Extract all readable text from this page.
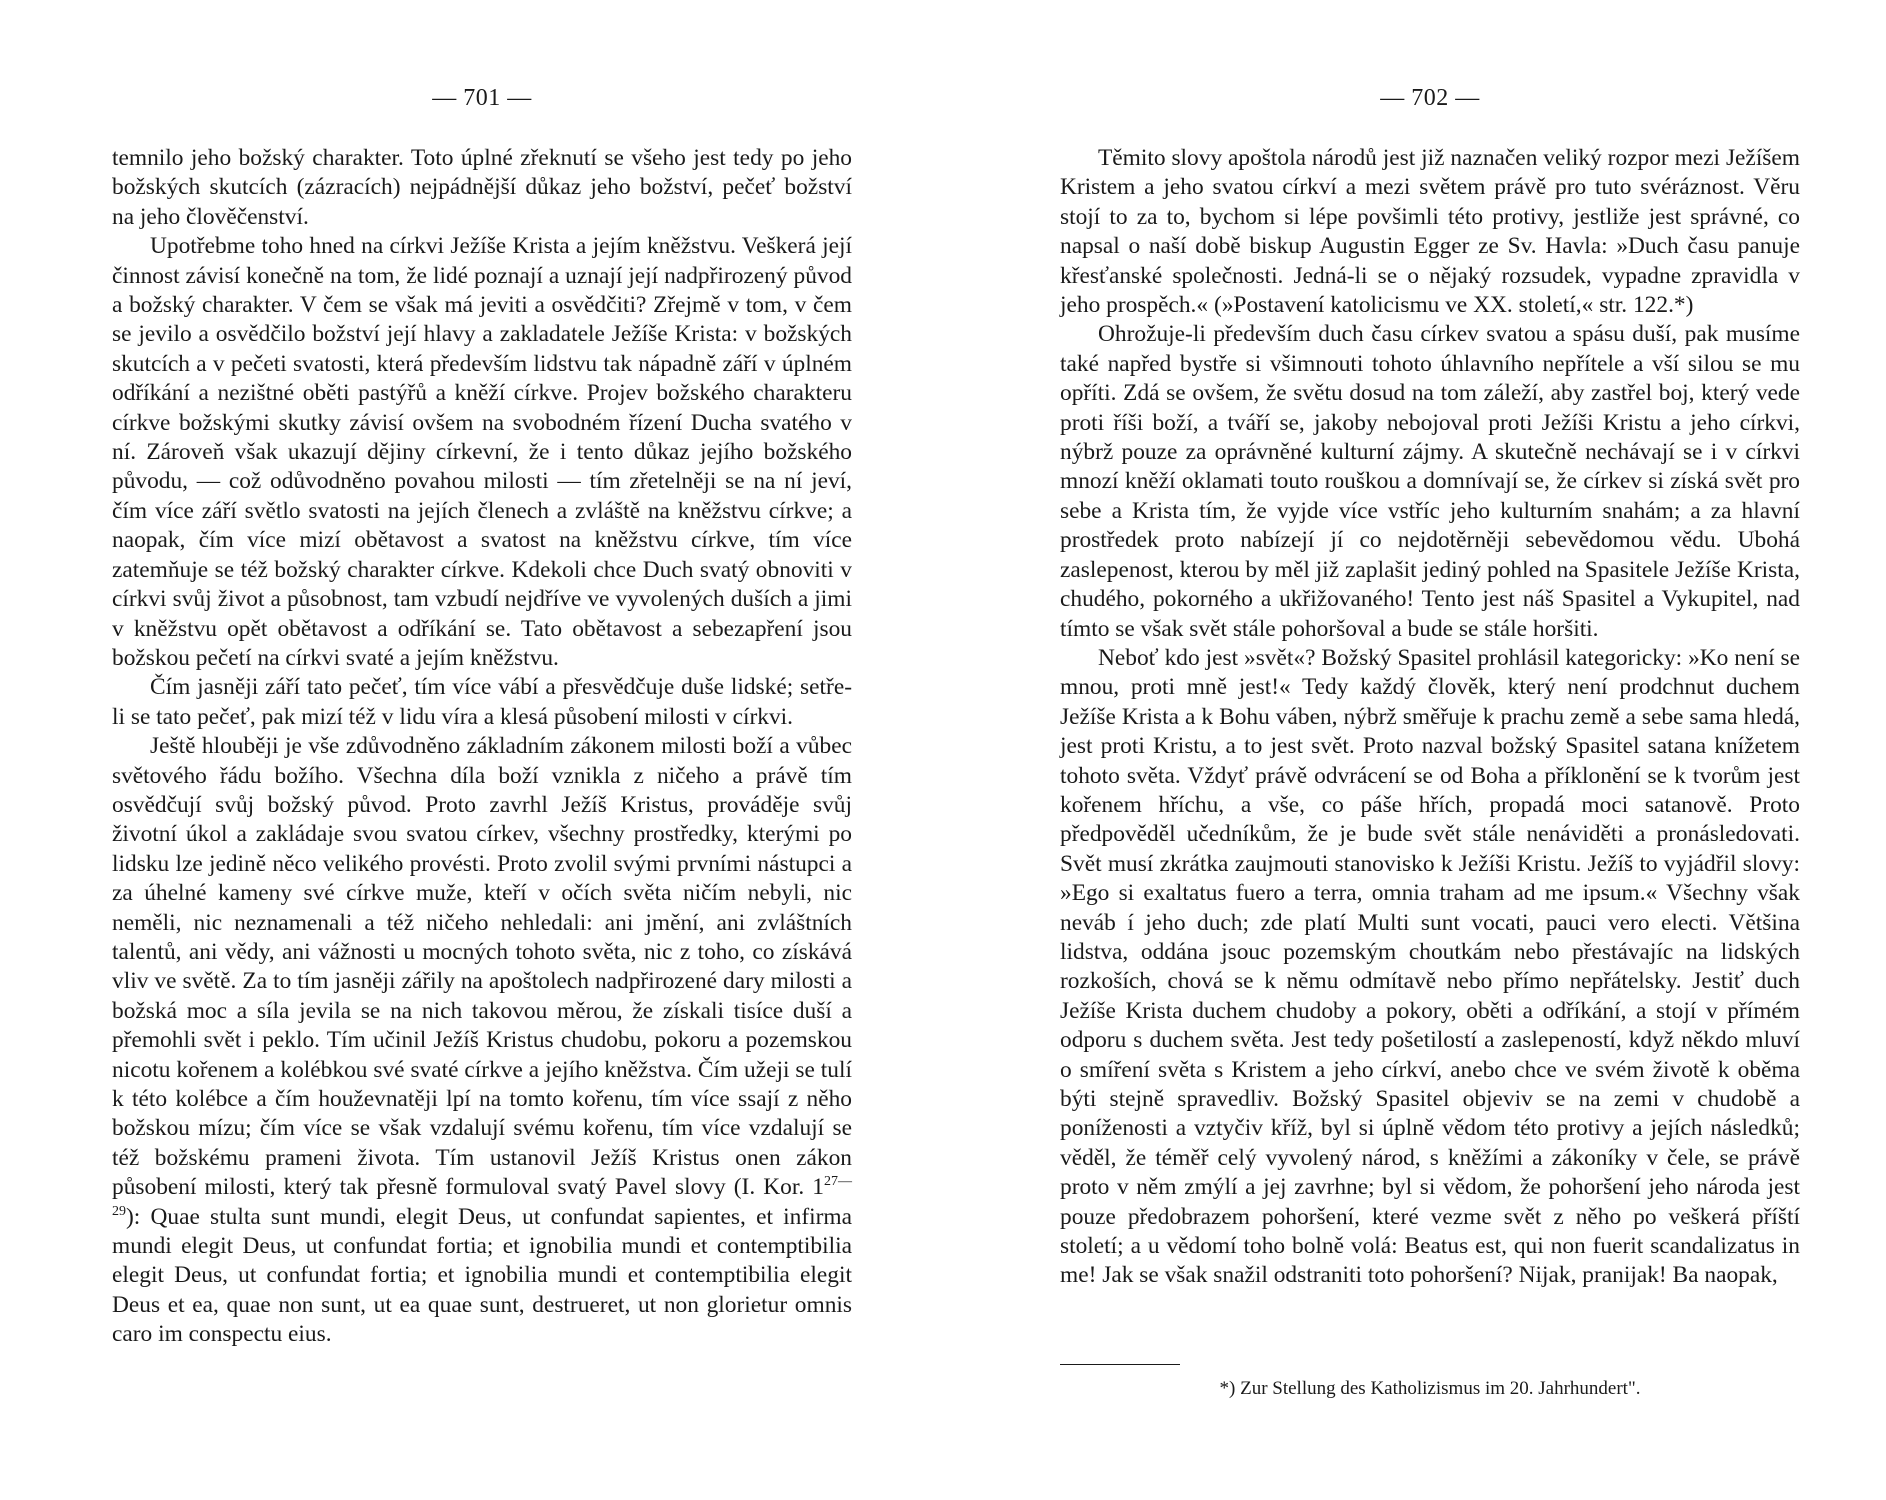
— 701 —

temnilo jeho božský charakter. Toto úplné zřeknutí se všeho jest tedy po jeho božských skutcích (zázracích) nejpádnější důkaz jeho božství, pečeť božství na jeho člověčenství.

Upotřebme toho hned na církvi Ježíše Krista a jejím kněžstvu. Veškerá její činnost závisí konečně na tom, že lidé poznají a uznají její nadpřirozený původ a božský charakter. V čem se však má jeviti a osvědčiti? Zřejmě v tom, v čem se jevilo a osvědčilo božství její hlavy a zakladatele Ježíše Krista: v božských skutcích a v pečeti svatosti, která především lidstvu tak nápadně září v úplném odříkání a nezištné oběti pastýřů a kněží církve. Projev božského charakteru církve božskými skutky závisí ovšem na svobodném řízení Ducha svatého v ní. Zároveň však ukazují dějiny církevní, že i tento důkaz jejího božského původu, — což odůvodněno povahou milosti — tím zřetelněji se na ní jeví, čím více září světlo svatosti na jejích členech a zvláště na kněžstvu církve; a naopak, čím více mizí obětavost a svatost na kněžstvu církve, tím více zatemňuje se též božský charakter církve. Kdekoli chce Duch svatý obnoviti v církvi svůj život a působnost, tam vzbudí nejdříve ve vyvolených duších a jimi v kněžstvu opět obětavost a odříkání se. Tato obětavost a sebezapření jsou božskou pečetí na církvi svaté a jejím kněžstvu.

Čím jasněji září tato pečeť, tím více vábí a přesvědčuje duše lidské; setře-li se tato pečeť, pak mizí též v lidu víra a klesá působení milosti v církvi.

Ještě hlouběji je vše zdůvodněno základním zákonem milosti boží a vůbec světového řádu božího. Všechna díla boží vznikla z ničeho a právě tím osvědčují svůj božský původ. Proto zavrhl Ježíš Kristus, prováděje svůj životní úkol a zakládaje svou svatou církev, všechny prostředky, kterými po lidsku lze jedině něco velikého provésti. Proto zvolil svými prvními nástupci a za úhelné kameny své církve muže, kteří v očích světa ničím nebyli, nic neměli, nic neznamenali a též ničeho nehledali: ani jmění, ani zvláštních talentů, ani vědy, ani vážnosti u mocných tohoto světa, nic z toho, co získává vliv ve světě. Za to tím jasněji zářily na apoštolech nadpřirozené dary milosti a božská moc a síla jevila se na nich takovou měrou, že získali tisíce duší a přemohli svět i peklo. Tím učinil Ježíš Kristus chudobu, pokoru a pozemskou nicotu kořenem a kolébkou své svaté církve a jejího kněžstva. Čím užeji se tulí k této kolébce a čím houževnatěji lpí na tomto kořenu, tím více ssají z něho božskou mízu; čím více se však vzdalují svému kořenu, tím více vzdalují se též božskému prameni života. Tím ustanovil Ježíš Kristus onen zákon působení milosti, který tak přesně formuloval svatý Pavel slovy (I. Kor. $1^{27—29}$): Quae stulta sunt mundi, elegit Deus, ut confundat sapientes, et infirma mundi elegit Deus, ut confundat fortia; et ignobilia mundi et contemptibilia elegit Deus, ut confundat fortia; et ignobilia mundi et contemptibilia elegit Deus et ea, quae non sunt, ut ea quae sunt, destrueret, ut non glorietur omnis caro im conspectu eius.

— 702 —

Těmito slovy apoštola národů jest již naznačen veliký rozpor mezi Ježíšem Kristem a jeho svatou církví a mezi světem právě pro tuto svéráznost. Věru stojí to za to, bychom si lépe povšimli této protivy, jestliže jest správné, co napsal o naší době biskup Augustin Egger ze Sv. Havla: »Duch času panuje křesťanské společnosti. Jedná-li se o nějaký rozsudek, vypadne zpravidla v jeho prospěch.« (»Postavení katolicismu ve XX. století,« str. 122.*)

Ohrožuje-li především duch času církev svatou a spásu duší, pak musíme také napřed bystře si všimnouti tohoto úhlavního nepřítele a vší silou se mu opříti. Zdá se ovšem, že světu dosud na tom záleží, aby zastřel boj, který vede proti říši boží, a tváří se, jakoby nebojoval proti Ježíši Kristu a jeho církvi, nýbrž pouze za oprávněné kulturní zájmy. A skutečně nechávají se i v církvi mnozí kněží oklamati touto rouškou a domnívají se, že církev si získá svět pro sebe a Krista tím, že vyjde více vstříc jeho kulturním snahám; a za hlavní prostředek proto nabízejí jí co nejdotěrněji sebevědomou vědu. Ubohá zaslepenost, kterou by měl již zaplašit jediný pohled na Spasitele Ježíše Krista, chudého, pokorného a ukřižovaného! Tento jest náš Spasitel a Vykupitel, nad tímto se však svět stále pohoršoval a bude se stále horšiti.

Neboť kdo jest »svět«? Božský Spasitel prohlásil kategoricky: »Ko není se mnou, proti mně jest!« Tedy každý člověk, který není prodchnut duchem Ježíše Krista a k Bohu váben, nýbrž směřuje k prachu země a sebe sama hledá, jest proti Kristu, a to jest svět. Proto nazval božský Spasitel satana knížetem tohoto světa. Vždyť právě odvrácení se od Boha a příklonění se k tvorům jest kořenem hříchu, a vše, co páše hřích, propadá moci satanově. Proto předpověděl učedníkům, že je bude svět stále nenáviděti a pronásledovati. Svět musí zkrátka zaujmouti stanovisko k Ježíši Kristu. Ježíš to vyjádřil slovy: »Ego si exaltatus fuero a terra, omnia traham ad me ipsum.« Všechny však neváb í jeho duch; zde platí Multi sunt vocati, pauci vero electi. Většina lidstva, oddána jsouc pozemským choutkám nebo přestávajíc na lidských rozkoších, chová se k němu odmítavě nebo přímo nepřátelsky. Jestiť duch Ježíše Krista duchem chudoby a pokory, oběti a odříkání, a stojí v přímém odporu s duchem světa. Jest tedy pošetilostí a zaslepeností, když někdo mluví o smíření světa s Kristem a jeho církví, anebo chce ve svém životě k oběma býti stejně spravedliv. Božský Spasitel objeviv se na zemi v chudobě a poníženosti a vztyčiv kříž, byl si úplně vědom této protivy a jejích následků; věděl, že téměř celý vyvolený národ, s kněžími a zákoníky v čele, se právě proto v něm zmýlí a jej zavrhne; byl si vědom, že pohoršení jeho národa jest pouze předobrazem pohoršení, které vezme svět z něho po veškerá příští století; a u vědomí toho bolně volá: Beatus est, qui non fuerit scandalizatus in me! Jak se však snažil odstraniti toto pohoršení? Nijak, pranijak! Ba naopak,

*) Zur Stellung des Katholizismus im 20. Jahrhundert".
